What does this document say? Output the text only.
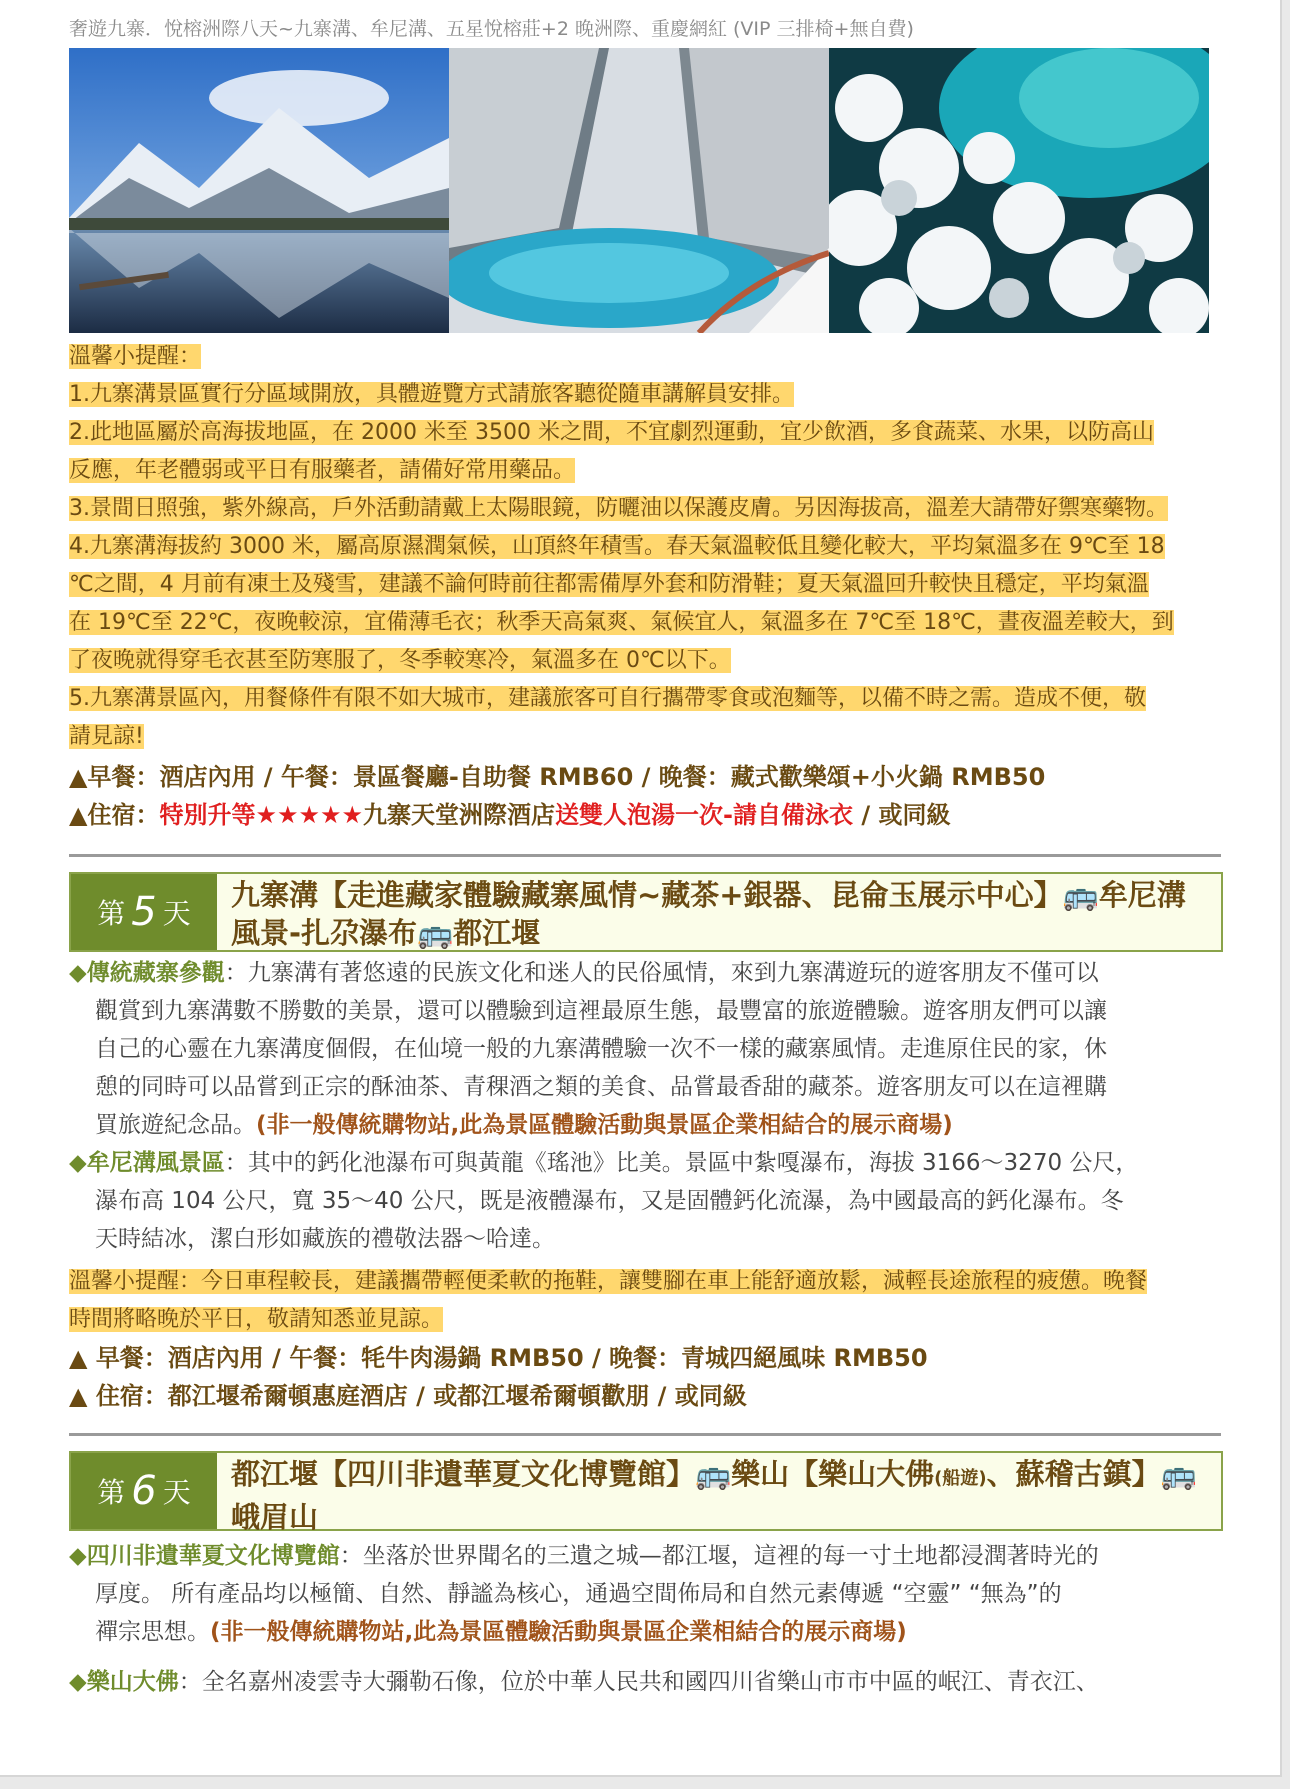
奢遊九寨．悅榕洲際八天~九寨溝、牟尼溝、五星悅榕莊+2 晚洲際、重慶網紅 (VIP 三排椅+無自費)
溫馨小提醒：
1.九寨溝景區實行分區域開放，具體遊覽方式請旅客聽從隨車講解員安排。
2.此地區屬於高海拔地區，在 2000 米至 3500 米之間，不宜劇烈運動，宜少飲酒，多食蔬菜、水果，以防高山
反應，年老體弱或平日有服藥者，請備好常用藥品。
3.景間日照強，紫外線高，戶外活動請戴上太陽眼鏡，防曬油以保護皮膚。另因海拔高，溫差大請帶好禦寒藥物。
4.九寨溝海拔約 3000 米，屬高原濕潤氣候，山頂終年積雪。春天氣溫較低且變化較大，平均氣溫多在 9℃至 18
℃之間，4 月前有凍土及殘雪，建議不論何時前往都需備厚外套和防滑鞋；夏天氣溫回升較快且穩定，平均氣溫
在 19℃至 22℃，夜晚較涼，宜備薄毛衣；秋季天高氣爽、氣候宜人，氣溫多在 7℃至 18℃，晝夜溫差較大，到
了夜晚就得穿毛衣甚至防寒服了，冬季較寒冷，氣溫多在 0℃以下。
5.九寨溝景區內，用餐條件有限不如大城市，建議旅客可自行攜帶零食或泡麵等，以備不時之需。造成不便，敬
請見諒!
▲早餐：酒店內用 / 午餐：景區餐廳-自助餐 RMB60 / 晚餐：藏式歡樂頌+小火鍋 RMB50
▲住宿：特別升等★★★★★九寨天堂洲際酒店送雙人泡湯一次-請自備泳衣 / 或同級
第 5 天
九寨溝【走進藏家體驗藏寨風情~藏茶+銀器、昆侖玉展示中心】🚌牟尼溝
風景-扎尕瀑布🚌都江堰
◆傳統藏寨參觀：九寨溝有著悠遠的民族文化和迷人的民俗風情，來到九寨溝遊玩的遊客朋友不僅可以
觀賞到九寨溝數不勝數的美景，還可以體驗到這裡最原生態，最豐富的旅遊體驗。遊客朋友們可以讓
自己的心靈在九寨溝度個假，在仙境一般的九寨溝體驗一次不一樣的藏寨風情。走進原住民的家，休
憩的同時可以品嘗到正宗的酥油茶、青稞酒之類的美食、品嘗最香甜的藏茶。遊客朋友可以在這裡購
買旅遊紀念品。(非一般傳統購物站,此為景區體驗活動與景區企業相結合的展示商場)
◆牟尼溝風景區：其中的鈣化池瀑布可與黃龍《瑤池》比美。景區中紮嘎瀑布，海拔 3166～3270 公尺，
瀑布高 104 公尺，寬 35～40 公尺，既是液體瀑布，又是固體鈣化流瀑，為中國最高的鈣化瀑布。冬
天時結冰，潔白形如藏族的禮敬法器～哈達。
溫馨小提醒：今日車程較長，建議攜帶輕便柔軟的拖鞋，讓雙腳在車上能舒適放鬆，減輕長途旅程的疲憊。晚餐
時間將略晚於平日，敬請知悉並見諒。
▲ 早餐：酒店內用 / 午餐：牦牛肉湯鍋 RMB50 / 晚餐：青城四絕風味 RMB50
▲ 住宿：都江堰希爾頓惠庭酒店 / 或都江堰希爾頓歡朋 / 或同級
第 6 天
都江堰【四川非遺華夏文化博覽館】🚌樂山【樂山大佛(船遊)、蘇稽古鎮】🚌
峨眉山
◆四川非遺華夏文化博覽館：坐落於世界聞名的三遺之城—都江堰，這裡的每一寸土地都浸潤著時光的
厚度。 所有產品均以極簡、自然、靜謐為核心，通過空間佈局和自然元素傳遞 “空靈” “無為”的
禪宗思想。(非一般傳統購物站,此為景區體驗活動與景區企業相結合的展示商場)
◆樂山大佛：全名嘉州凌雲寺大彌勒石像，位於中華人民共和國四川省樂山市市中區的岷江、青衣江、
